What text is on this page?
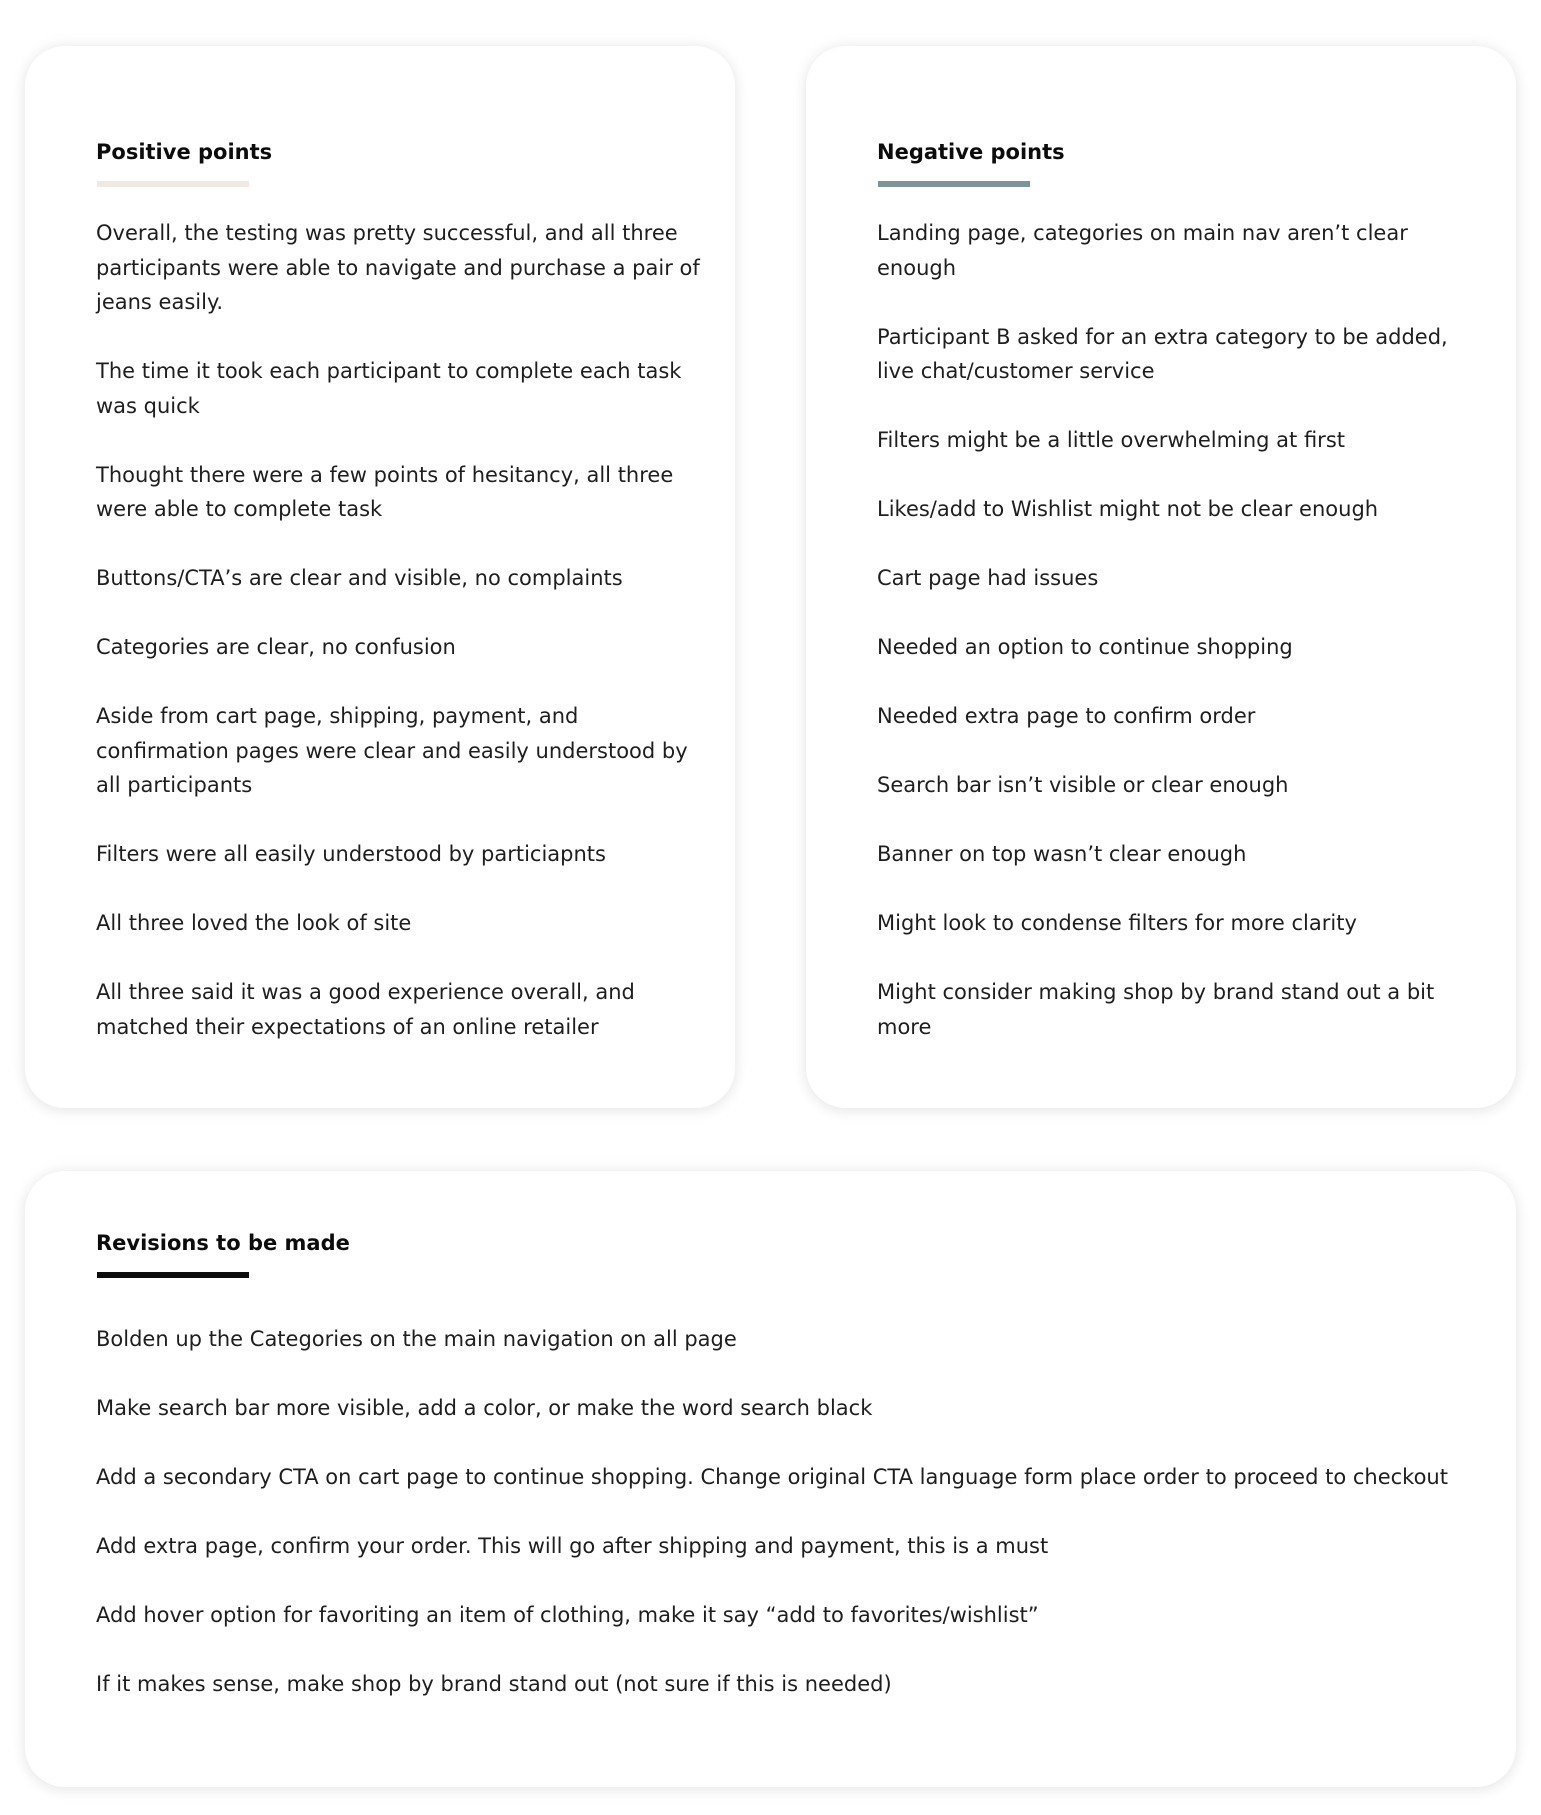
Positive points
Overall, the testing was pretty successful, and all three participants were able to navigate and purchase a pair of jeans easily.
The time it took each participant to complete each task was quick
Thought there were a few points of hesitancy, all three were able to complete task
Buttons/CTA’s are clear and visible, no complaints
Categories are clear, no confusion
Aside from cart page, shipping, payment, and confirmation pages were clear and easily understood by all participants
Filters were all easily understood by particiapnts
All three loved the look of site
All three said it was a good experience overall, and matched their expectations of an online retailer
Negative points
Landing page, categories on main nav aren’t clear enough
Participant B asked for an extra category to be added, live chat/customer service
Filters might be a little overwhelming at first
Likes/add to Wishlist might not be clear enough
Cart page had issues
Needed an option to continue shopping
Needed extra page to confirm order
Search bar isn’t visible or clear enough
Banner on top wasn’t clear enough
Might look to condense filters for more clarity
Might consider making shop by brand stand out a bit more
Revisions to be made
Bolden up the Categories on the main navigation on all page
Make search bar more visible, add a color, or make the word search black
Add a secondary CTA on cart page to continue shopping. Change original CTA language form place order to proceed to checkout
Add extra page, confirm your order. This will go after shipping and payment, this is a must
Add hover option for favoriting an item of clothing, make it say “add to favorites/wishlist”
If it makes sense, make shop by brand stand out (not sure if this is needed)
